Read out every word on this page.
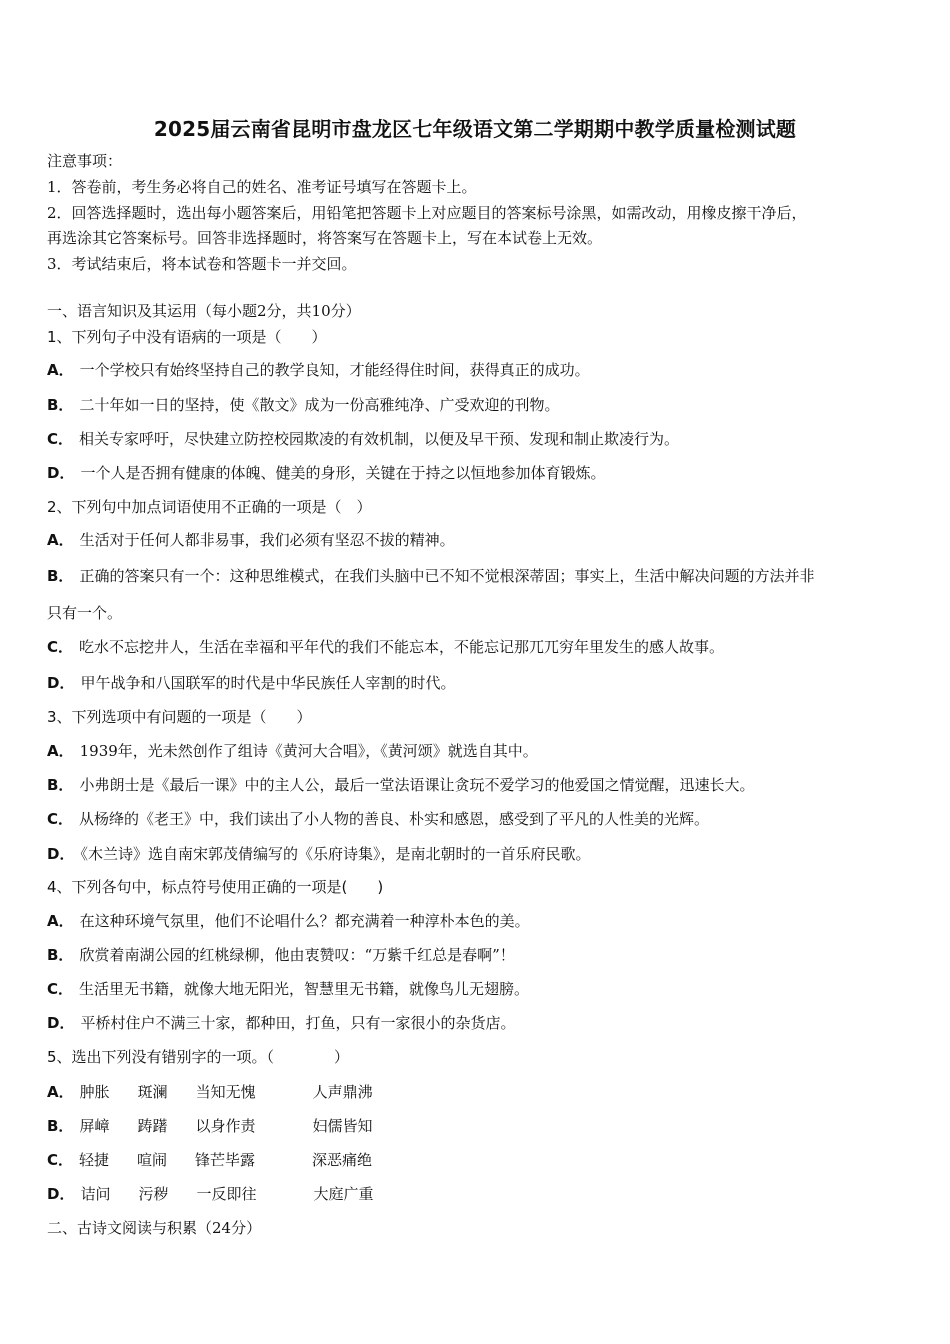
2025届云南省昆明市盘龙区七年级语文第二学期期中教学质量检测试题
注意事项：
1．答卷前，考生务必将自己的姓名、准考证号填写在答题卡上。
2．回答选择题时，选出每小题答案后，用铅笔把答题卡上对应题目的答案标号涂黑，如需改动，用橡皮擦干净后，
再选涂其它答案标号。回答非选择题时，将答案写在答题卡上，写在本试卷上无效。
3．考试结束后，将本试卷和答题卡一并交回。
一、语言知识及其运用（每小题2分，共10分）
1、下列句子中没有语病的一项是（　　）
A． 一个学校只有始终坚持自己的教学良知，才能经得住时间，获得真正的成功。
B． 二十年如一日的坚持，使《散文》成为一份高雅纯净、广受欢迎的刊物。
C． 相关专家呼吁，尽快建立防控校园欺凌的有效机制，以便及早干预、发现和制止欺凌行为。
D． 一个人是否拥有健康的体魄、健美的身形，关键在于持之以恒地参加体育锻炼。
2、下列句中加点词语使用不正确的一项是（　）
A． 生活对于任何人都非易事，我们必须有坚忍不拔的精神。
B． 正确的答案只有一个：这种思维模式，在我们头脑中已不知不觉根深蒂固；事实上，生活中解决问题的方法并非
只有一个。
C． 吃水不忘挖井人，生活在幸福和平年代的我们不能忘本，不能忘记那兀兀穷年里发生的感人故事。
D． 甲午战争和八国联军的时代是中华民族任人宰割的时代。
3、下列选项中有问题的一项是（　　）
A． 1939年，光未然创作了组诗《黄河大合唱》，《黄河颂》就选自其中。
B． 小弗朗士是《最后一课》中的主人公，最后一堂法语课让贪玩不爱学习的他爱国之情觉醒，迅速长大。
C． 从杨绛的《老王》中，我们读出了小人物的善良、朴实和感恩，感受到了平凡的人性美的光辉。
D． 《木兰诗》选自南宋郭茂倩编写的《乐府诗集》，是南北朝时的一首乐府民歌。
4、下列各句中，标点符号使用正确的一项是(　　)
A． 在这种环境气氛里，他们不论唱什么？都充满着一种淳朴本色的美。
B． 欣赏着南湖公园的红桃绿柳，他由衷赞叹：“万紫千红总是春啊”！
C． 生活里无书籍，就像大地无阳光，智慧里无书籍，就像鸟儿无翅膀。
D． 平桥村住户不满三十家，都种田，打鱼，只有一家很小的杂货店。
5、选出下列没有错别字的一项。（　　　　）
A． 肿胀 斑澜 当知无愧	人声鼎沸
B． 屏嶂 踌躇 以身作责	妇儒皆知
C． 轻捷 喧闹 锋芒毕露	深恶痛绝
D． 诘问 污秽 一反即往	大庭广重
二、古诗文阅读与积累（24分）
